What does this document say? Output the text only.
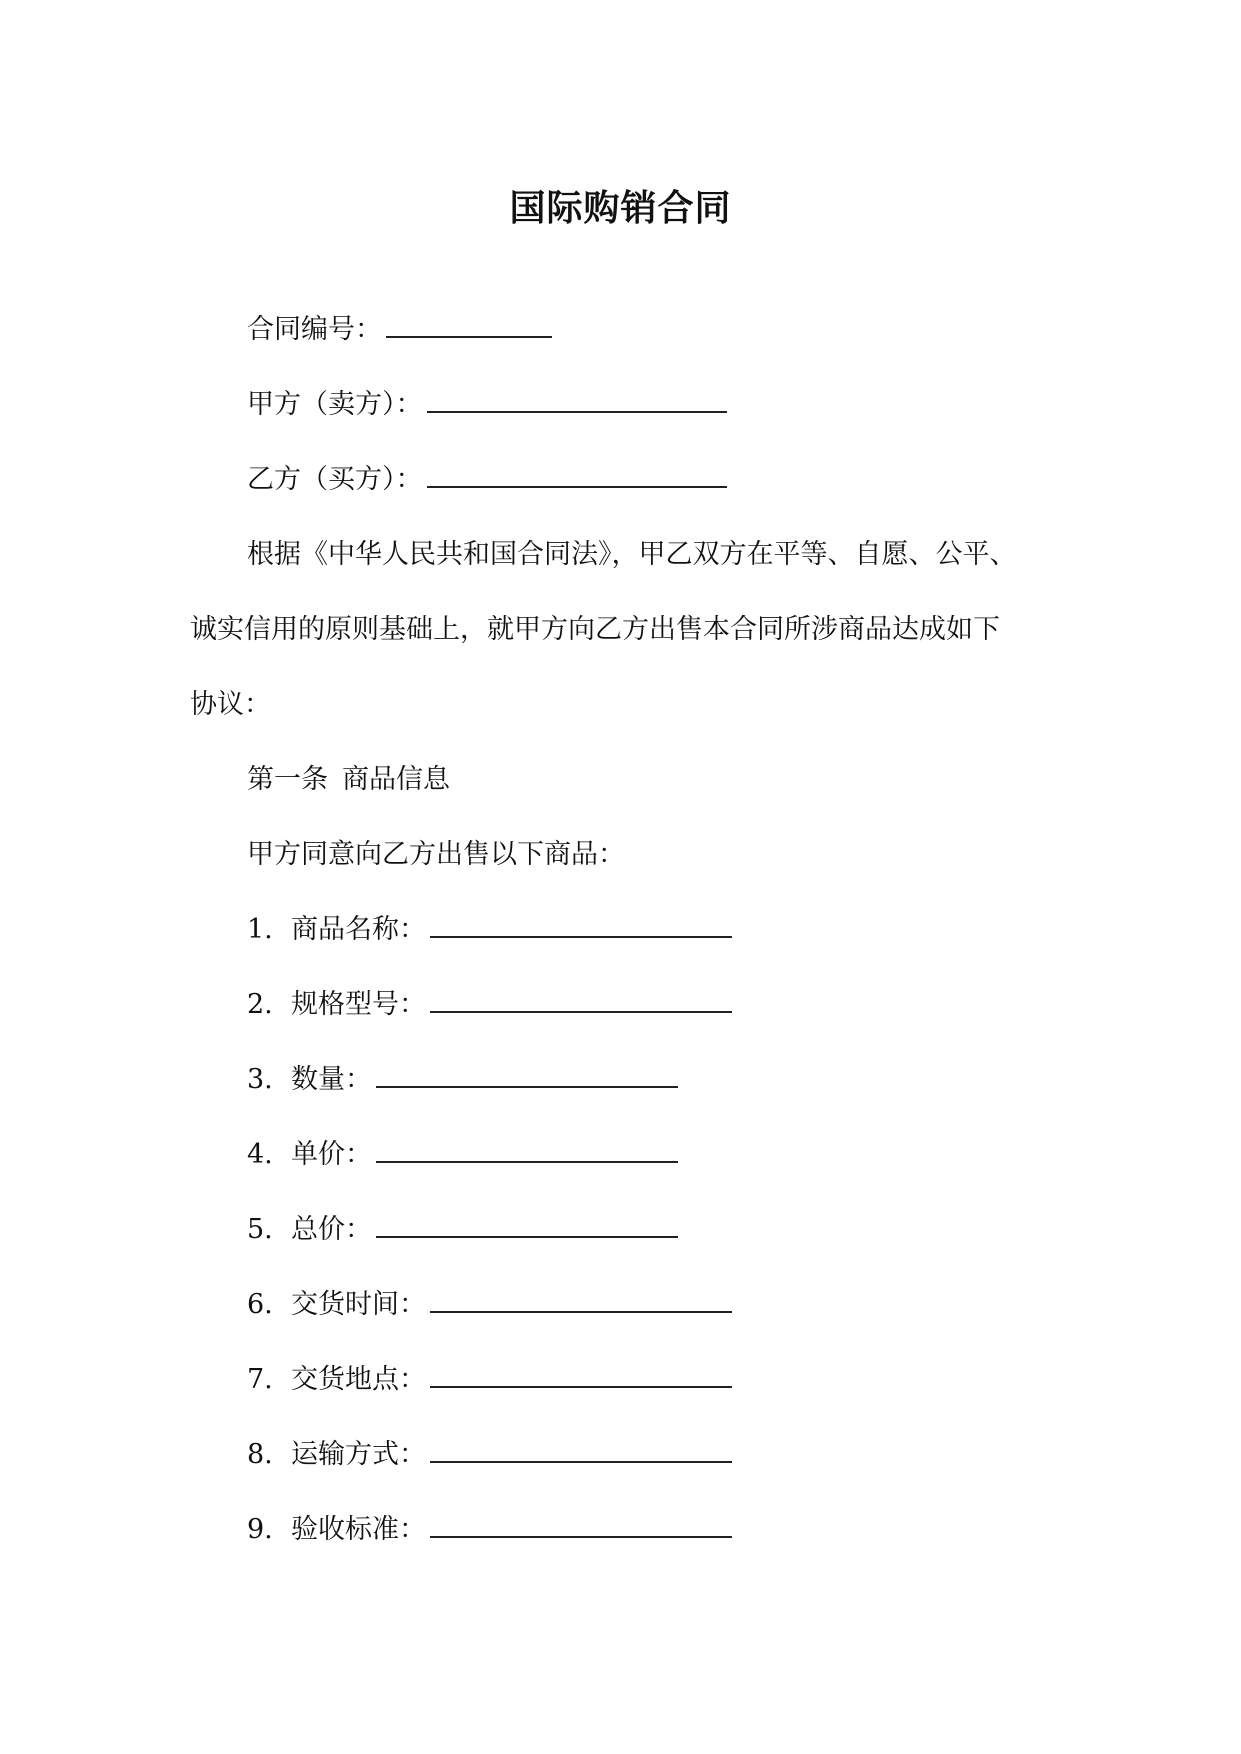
国际购销合同
合同编号：
甲方（卖方）：
乙方（买方）：
根据《中华人民共和国合同法》，甲乙双方在平等、自愿、公平、
诚实信用的原则基础上，就甲方向乙方出售本合同所涉商品达成如下
协议：
第一条 商品信息
甲方同意向乙方出售以下商品：
1. 商品名称：
2. 规格型号：
3. 数量：
4. 单价：
5. 总价：
6. 交货时间：
7. 交货地点：
8. 运输方式：
9. 验收标准：
